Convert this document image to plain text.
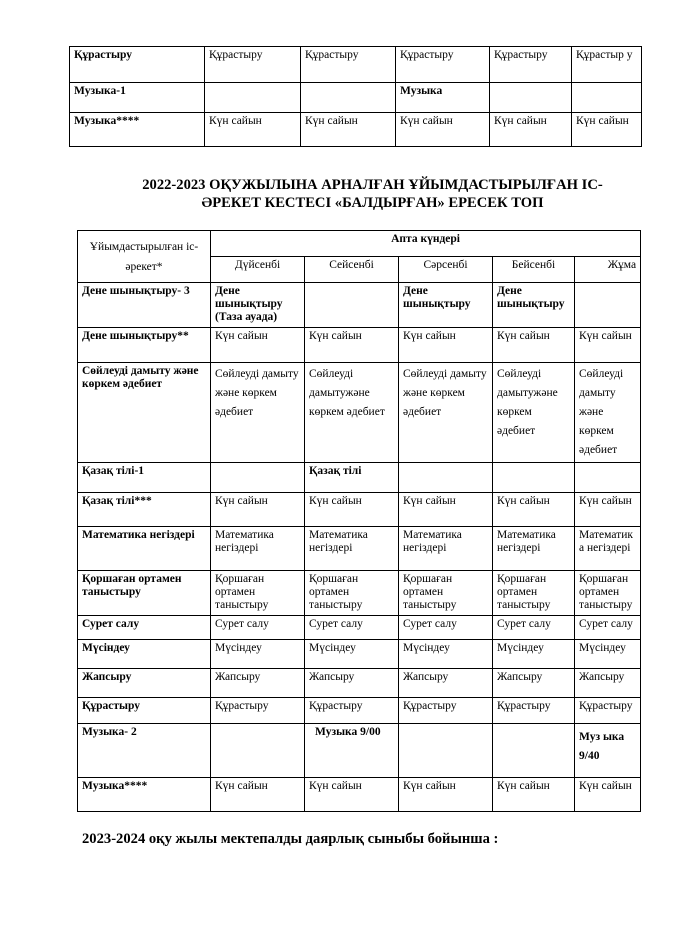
Құрастыру	Құрастыру	Құрастыру	Құрастыру	Құрастыру	Құрастыр у
Музыка-1			Музыка		
Музыка****	Күн сайын	Күн сайын	Күн сайын	Күн сайын	Күн сайын
2022-2023 ОҚУЖЫЛЫНА АРНАЛҒАН ҰЙЫМДАСТЫРЫЛҒАН ІС-
ӘРЕКЕТ КЕСТЕСІ «БАЛДЫРҒАН» ЕРЕСЕК ТОП
Ұйымдастырылған іс-әрекет*	Апта күндері				
	Дүйсенбі	Сейсенбі	Сәрсенбі	Бейсенбі	Жұма
Дене шынықтыру- 3	Дене шынықтыру (Таза ауада)		Дене шынықтыру	Дене шынықтыру	
Дене шынықтыру**	Күн сайын	Күн сайын	Күн сайын	Күн сайын	Күн сайын
Сөйлеуді дамыту және көркем әдебиет	Сөйлеуді дамыту және көркем әдебиет	Сөйлеуді дамытужәне көркем әдебиет	Сөйлеуді дамыту және көркем әдебиет	Сөйлеуді дамытужәне көркем әдебиет	Сөйлеуді дамыту және көркем әдебиет
Қазақ тілі-1		Қазақ тілі			
Қазақ тілі***	Күн сайын	Күн сайын	Күн сайын	Күн сайын	Күн сайын
Математика негіздері	Математика негіздері	Математика негіздері	Математика негіздері	Математика негіздері	Математика негіздері
Қоршаған ортамен таныстыру	Қоршаған ортамен таныстыру	Қоршаған ортамен таныстыру	Қоршаған ортамен таныстыру	Қоршаған ортамен таныстыру	Қоршаған ортамен таныстыру
Сурет салу	Сурет салу	Сурет салу	Сурет салу	Сурет салу	Сурет салу
Мүсіндеу	Мүсіндеу	Мүсіндеу	Мүсіндеу	Мүсіндеу	Мүсіндеу
Жапсыру	Жапсыру	Жапсыру	Жапсыру	Жапсыру	Жапсыру
Құрастыру	Құрастыру	Құрастыру	Құрастыру	Құрастыру	Құрастыру
Музыка- 2		Музыка 9/00			Муз ыка 9/40
Музыка****	Күн сайын	Күн сайын	Күн сайын	Күн сайын	Күн сайын
2023-2024 оқу жылы мектепалды даярлық сыныбы бойынша :
